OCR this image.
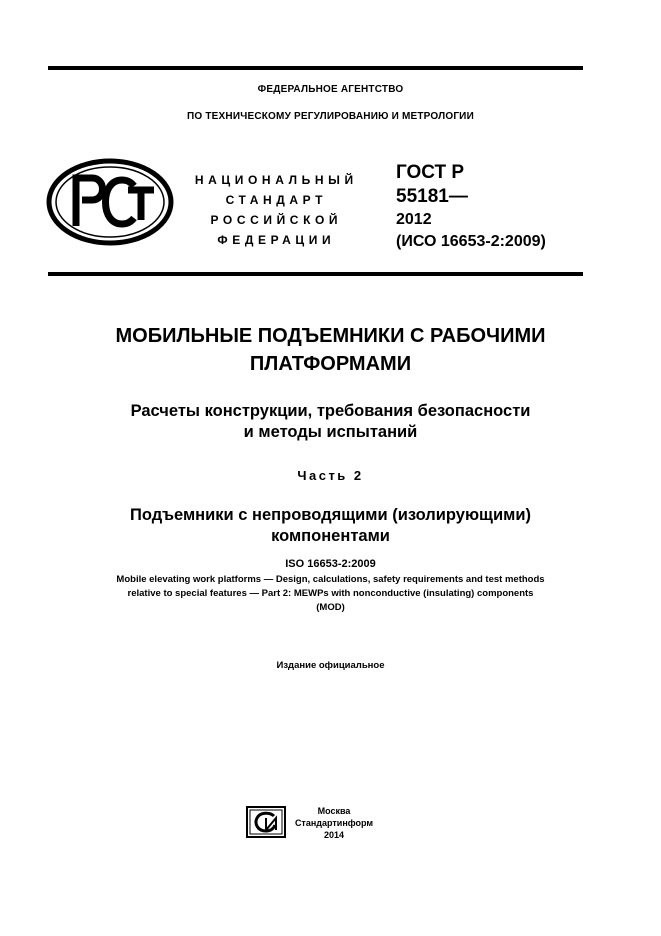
ФЕДЕРАЛЬНОЕ АГЕНТСТВО
ПО ТЕХНИЧЕСКОМУ РЕГУЛИРОВАНИЮ И МЕТРОЛОГИИ
НАЦИОНАЛЬНЫЙ
СТАНДАРТ
РОССИЙСКОЙ
ФЕДЕРАЦИИ
ГОСТ Р
55181—
2012
(ИСО 16653-2:2009)
МОБИЛЬНЫЕ ПОДЪЕМНИКИ С РАБОЧИМИ
ПЛАТФОРМАМИ
Расчеты конструкции, требования безопасности
и методы испытаний
Часть 2
Подъемники с непроводящими (изолирующими)
компонентами
ISO 16653-2:2009
Mobile elevating work platforms — Design, calculations, safety requirements and test methods
relative to special features — Part 2: MEWPs with nonconductive (insulating) components
(MOD)
Издание официальное
Москва
Стандартинформ
2014
